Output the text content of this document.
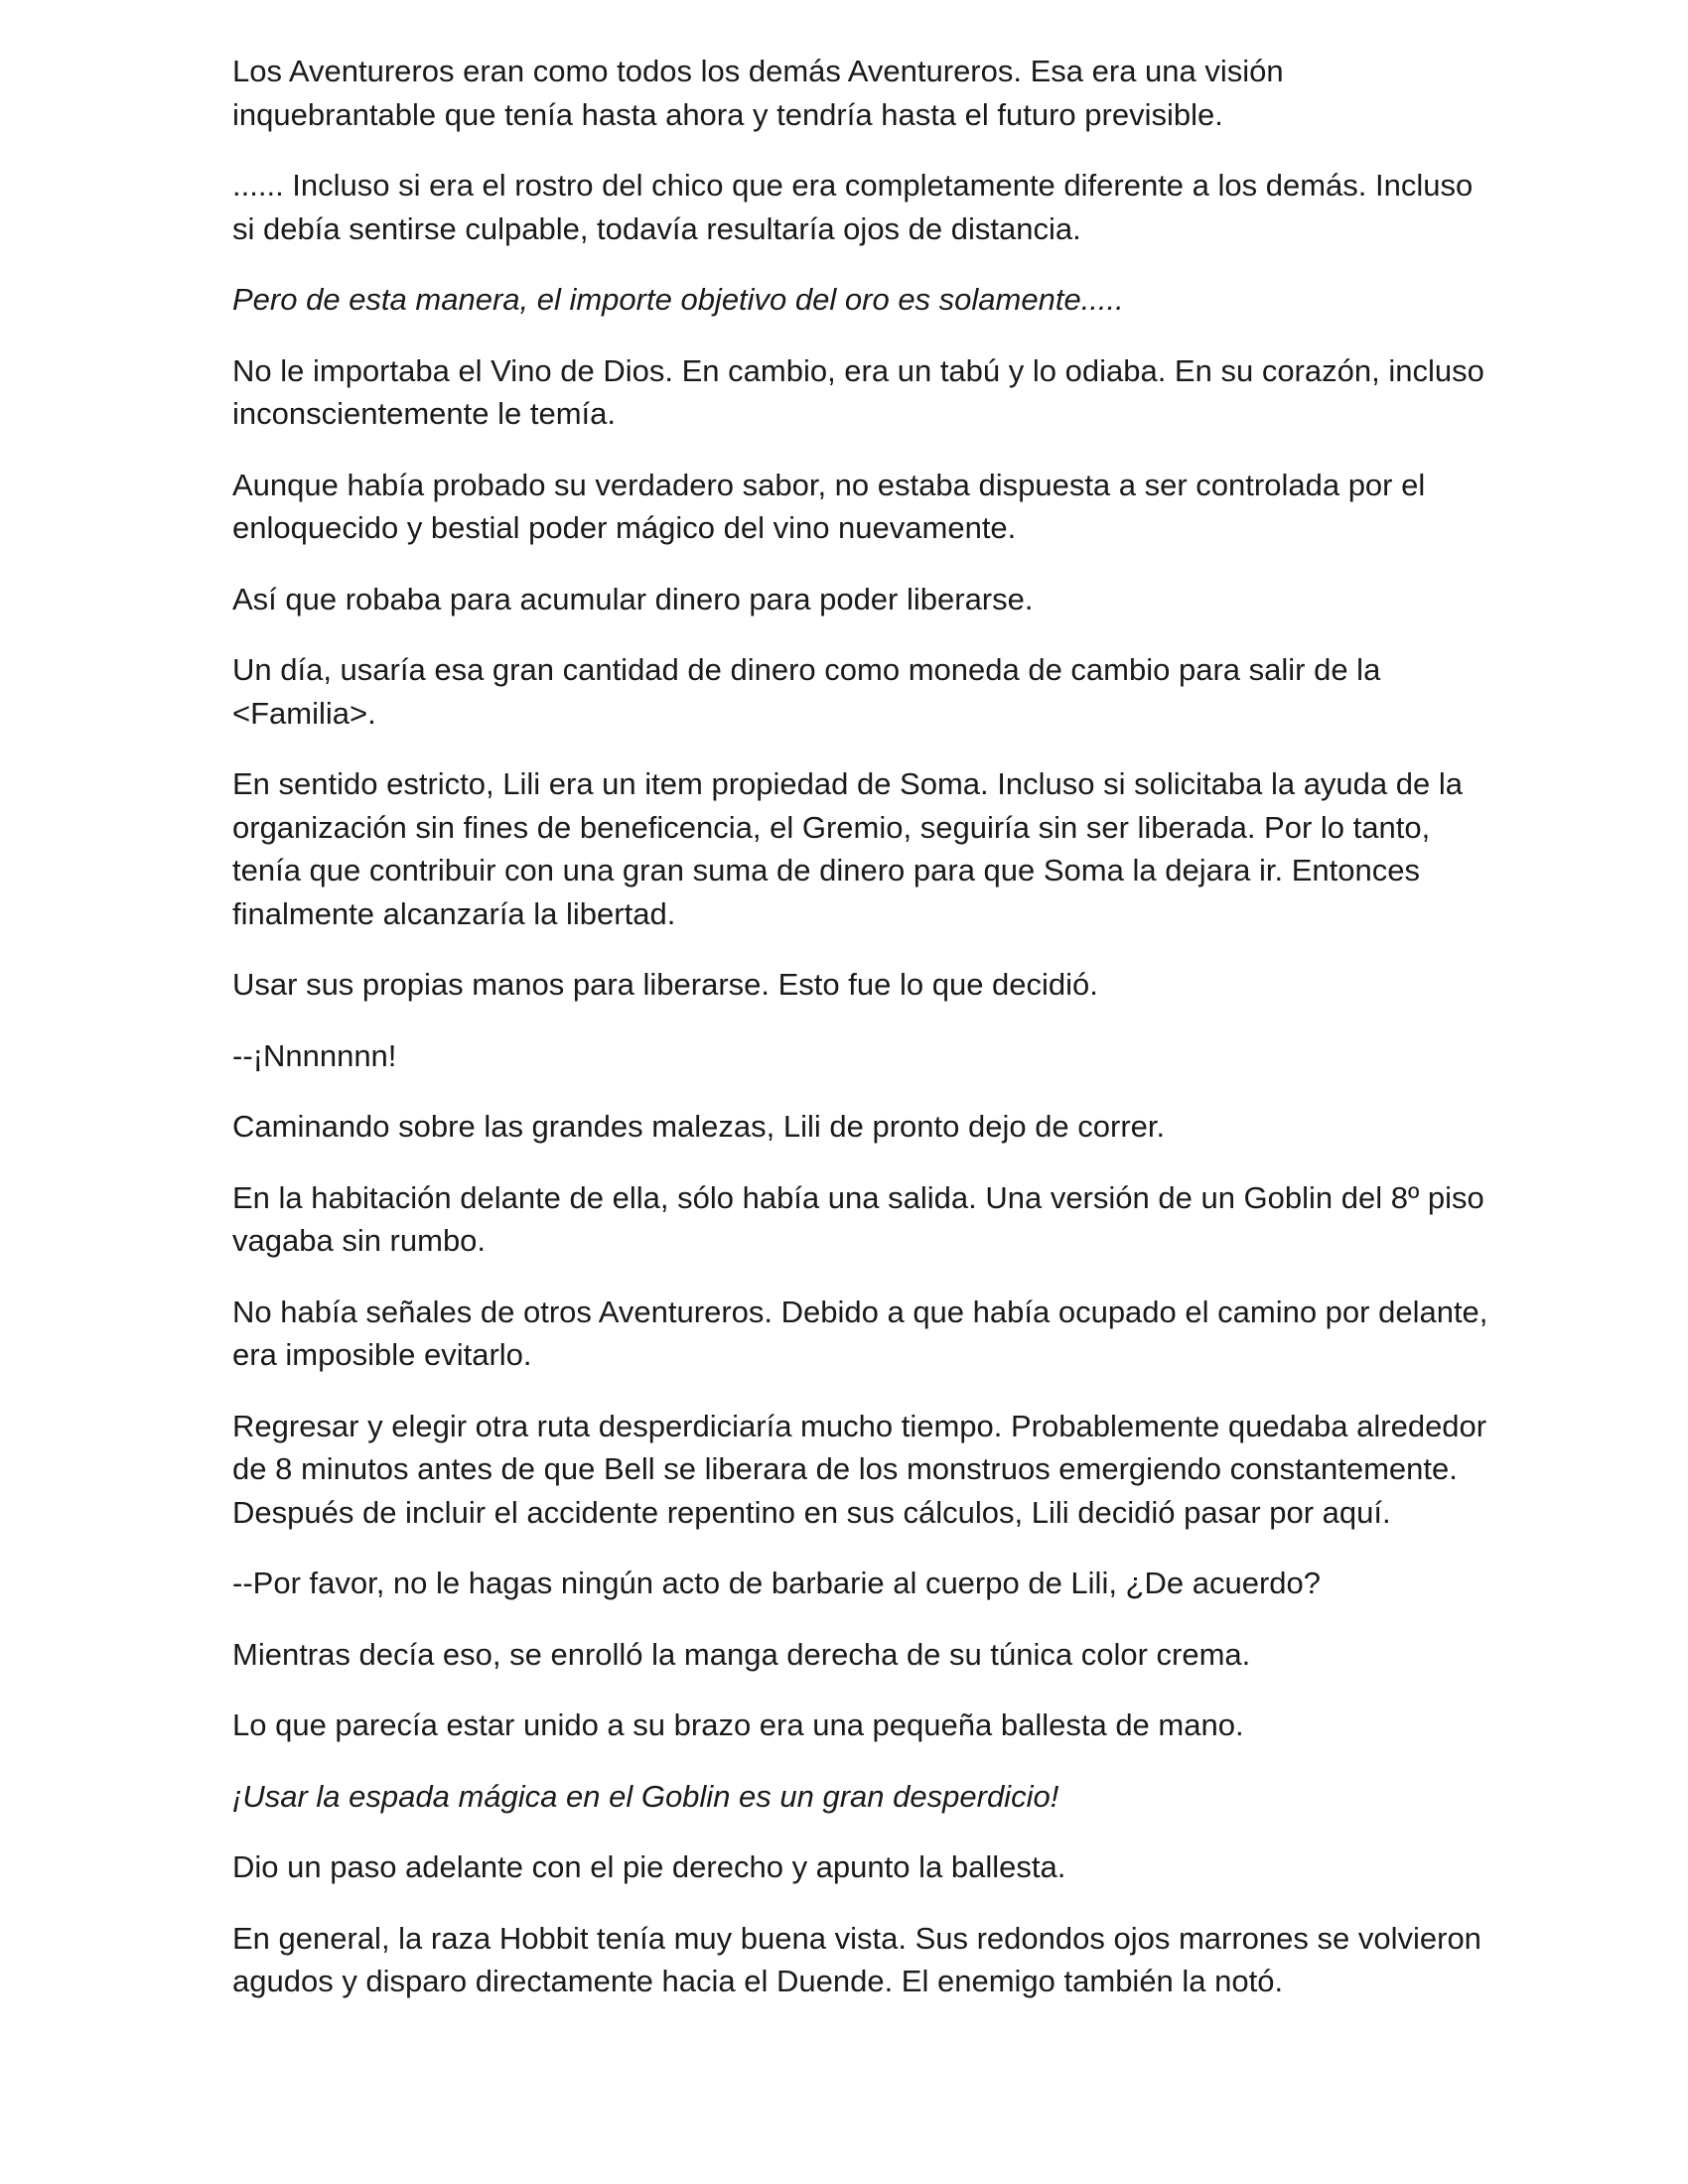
Los Aventureros eran como todos los demás Aventureros. Esa era una visión inquebrantable que tenía hasta ahora y tendría hasta el futuro previsible.

...... Incluso si era el rostro del chico que era completamente diferente a los demás. Incluso si debía sentirse culpable, todavía resultaría ojos de distancia.

Pero de esta manera, el importe objetivo del oro es solamente.....

No le importaba el Vino de Dios. En cambio, era un tabú y lo odiaba. En su corazón, incluso inconscientemente le temía.

Aunque había probado su verdadero sabor, no estaba dispuesta a ser controlada por el enloquecido y bestial poder mágico del vino nuevamente.

Así que robaba para acumular dinero para poder liberarse.

Un día, usaría esa gran cantidad de dinero como moneda de cambio para salir de la <Familia>.

En sentido estricto, Lili era un item propiedad de Soma. Incluso si solicitaba la ayuda de la organización sin fines de beneficencia, el Gremio, seguiría sin ser liberada. Por lo tanto, tenía que contribuir con una gran suma de dinero para que Soma la dejara ir. Entonces finalmente alcanzaría la libertad.

Usar sus propias manos para liberarse. Esto fue lo que decidió.

--¡Nnnnnnn!

Caminando sobre las grandes malezas, Lili de pronto dejo de correr.

En la habitación delante de ella, sólo había una salida. Una versión de un Goblin del 8º piso vagaba sin rumbo.

No había señales de otros Aventureros. Debido a que había ocupado el camino por delante, era imposible evitarlo.

Regresar y elegir otra ruta desperdiciaría mucho tiempo. Probablemente quedaba alrededor de 8 minutos antes de que Bell se liberara de los monstruos emergiendo constantemente. Después de incluir el accidente repentino en sus cálculos, Lili decidió pasar por aquí.

--Por favor, no le hagas ningún acto de barbarie al cuerpo de Lili, ¿De acuerdo?

Mientras decía eso, se enrolló la manga derecha de su túnica color crema.

Lo que parecía estar unido a su brazo era una pequeña ballesta de mano.

¡Usar la espada mágica en el Goblin es un gran desperdicio!

Dio un paso adelante con el pie derecho y apunto la ballesta.

En general, la raza Hobbit tenía muy buena vista. Sus redondos ojos marrones se volvieron agudos y disparo directamente hacia el Duende. El enemigo también la notó.
